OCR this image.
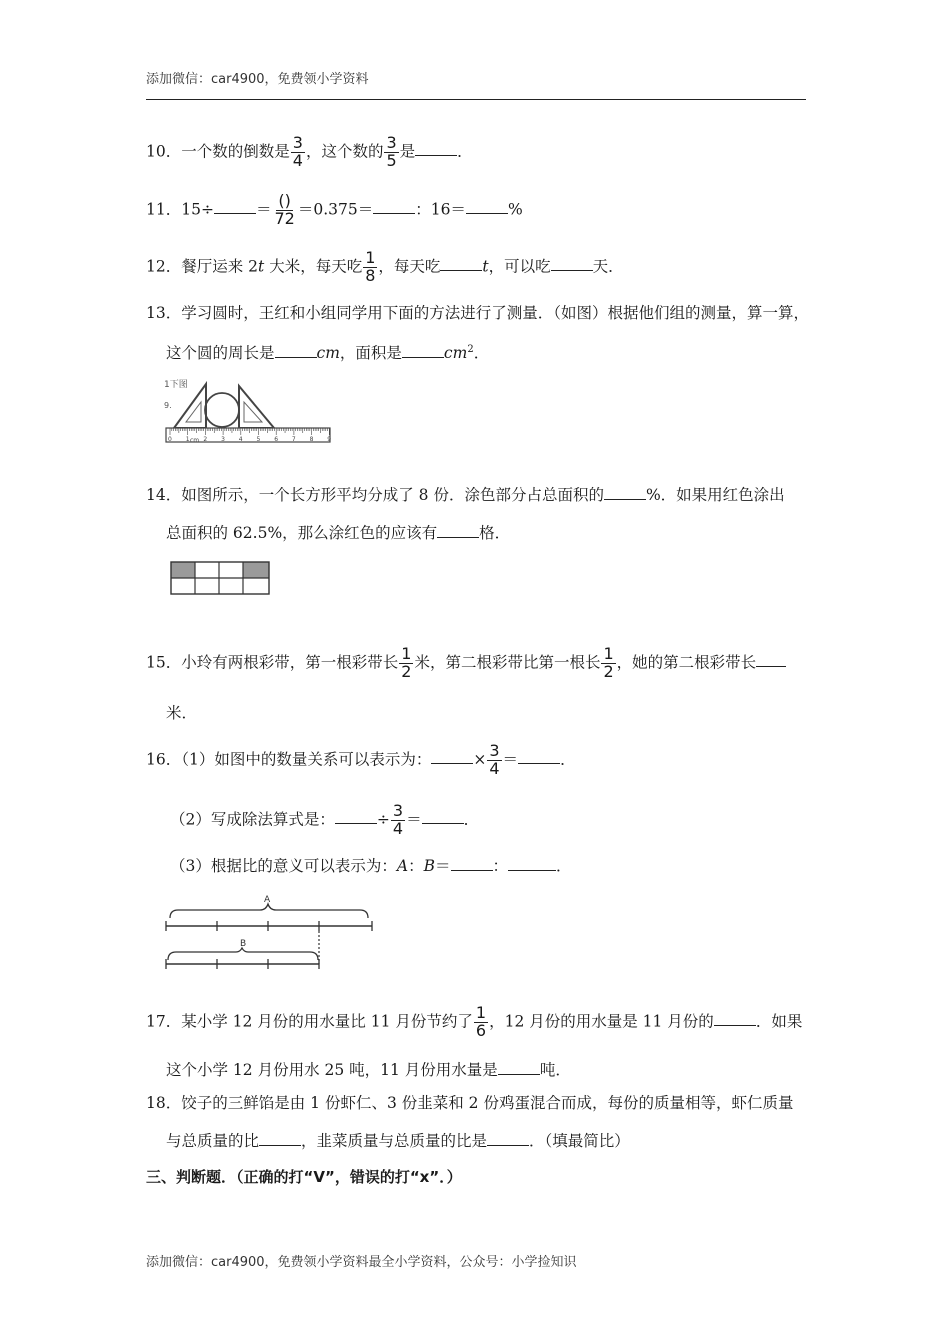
添加微信：car4900，免费领小学资料
10．一个数的倒数是 $\frac{3}{4}$ ，这个数的 $\frac{3}{5}$ 是	．
11．15÷	＝ $\frac{()}{72} =0.375=$	：16＝	%
12．餐厅运来 2t 大米，每天吃 $\frac{1}{8}$ ，每天吃	t，可以吃	天．
13．学习圆时，王红和小组同学用下面的方法进行了测量．（如图）根据他们组的测量，算一算，
这个圆的周长是	cm，面积是	$cm^2$．
1下图
9.
0 1 2 3 4 5 6 7 8 9
cm
14．如图所示，一个长方形平均分成了 8 份．涂色部分占总面积的	%．如果用红色涂出
总面积的 62.5%，那么涂红色的应该有	格．
15．小玲有两根彩带，第一根彩带长 $\frac{1}{2}$ 米，第二根彩带比第一根长 $\frac{1}{2}$ ，她的第二根彩带长
米．
16．（1）如图中的数量关系可以表示为：	× $\frac{3}{4}$ ＝	．
（2）写成除法算式是：	÷ $\frac{3}{4}$ ＝	．
（3）根据比的意义可以表示为：A：B＝	：	．
A
B
17．某小学 12 月份的用水量比 11 月份节约了 $\frac{1}{6}$ ，12 月份的用水量是 11 月份的	．如果
这个小学 12 月份用水 25 吨，11 月份用水量是	吨．
18．饺子的三鲜馅是由 1 份虾仁、3 份韭菜和 2 份鸡蛋混合而成，每份的质量相等，虾仁质量
与总质量的比	，韭菜质量与总质量的比是	．（填最简比）
三、判断题．（正确的打“V”，错误的打“x”．）
添加微信：car4900，免费领小学资料最全小学资料，公众号：小学捡知识
